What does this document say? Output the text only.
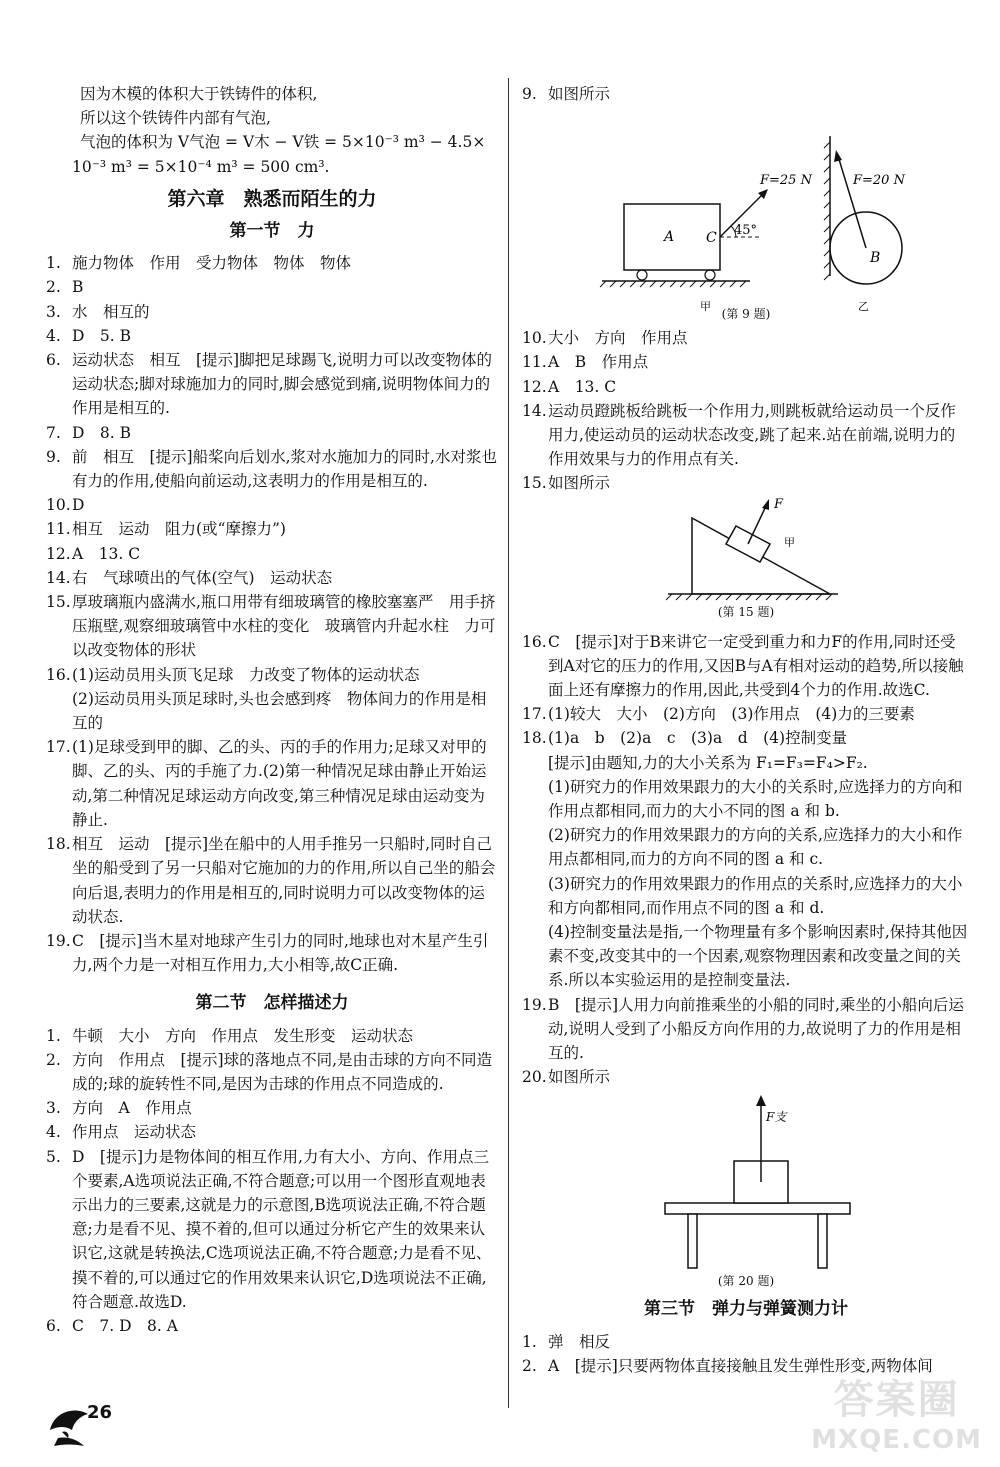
因为木模的体积大于铁铸件的体积,

所以这个铁铸件内部有气泡,

气泡的体积为 V气泡 = V木 − V铁 = 5×10⁻³ m³ − 4.5×

10⁻³ m³ = 5×10⁻⁴ m³ = 500 cm³.

第六章　熟悉而陌生的力
第一节　力

1. 施力物体　作用　受力物体　物体　物体

2. B

3. 水　相互的

4. D　5. B

6. 运动状态　相互　[提示]脚把足球踢飞,说明力可以改变物体的运动状态;脚对球施加力的同时,脚会感觉到痛,说明物体间力的作用是相互的.

7. D　8. B

9. 前　相互　[提示]船桨向后划水,浆对水施加力的同时,水对浆也有力的作用,使船向前运动,这表明力的作用是相互的.

10. D

11. 相互　运动　阻力(或“摩擦力”)

12. A　13. C

14. 右　气球喷出的气体(空气)　运动状态

15. 厚玻璃瓶内盛满水,瓶口用带有细玻璃管的橡胶塞塞严　用手挤压瓶壁,观察细玻璃管中水柱的变化　玻璃管内升起水柱　力可以改变物体的形状

16. (1)运动员用头顶飞足球　力改变了物体的运动状态

(2)运动员用头顶足球时,头也会感到疼　物体间力的作用是相互的

17. (1)足球受到甲的脚、乙的头、丙的手的作用力;足球又对甲的脚、乙的头、丙的手施了力.(2)第一种情况足球由静止开始运动,第二种情况足球运动方向改变,第三种情况足球由运动变为静止.

18. 相互　运动　[提示]坐在船中的人用手推另一只船时,同时自己坐的船受到了另一只船对它施加的力的作用,所以自己坐的船会向后退,表明力的作用是相互的,同时说明力可以改变物体的运动状态.

19. C　[提示]当木星对地球产生引力的同时,地球也对木星产生引力,两个力是一对相互作用力,大小相等,故C正确.

第二节　怎样描述力

1. 牛顿　大小　方向　作用点　发生形变　运动状态

2. 方向　作用点　[提示]球的落地点不同,是由击球的方向不同造成的;球的旋转性不同,是因为击球的作用点不同造成的.

3. 方向　A　作用点

4. 作用点　运动状态

5. D　[提示]力是物体间的相互作用,力有大小、方向、作用点三个要素,A选项说法正确,不符合题意;可以用一个图形直观地表示出力的三要素,这就是力的示意图,B选项说法正确,不符合题意;力是看不见、摸不着的,但可以通过分析它产生的效果来认识它,这就是转换法,C选项说法正确,不符合题意;力是看不见、摸不着的,可以通过它的作用效果来认识它,D选项说法不正确,符合题意.故选D.

6. C　7. D　8. A

9. 如图所示

A C 45°
F=25 N
甲
F=20 N
B
乙
(第 9 题)

10. 大小　方向　作用点

11. A　B　作用点

12. A　13. C

14. 运动员蹬跳板给跳板一个作用力,则跳板就给运动员一个反作用力,使运动员的运动状态改变,跳了起来.站在前端,说明力的作用效果与力的作用点有关.

15. 如图所示

F
甲
(第 15 题)

16. C　[提示]对于B来讲它一定受到重力和力F的作用,同时还受到A对它的压力的作用,又因B与A有相对运动的趋势,所以接触面上还有摩擦力的作用,因此,共受到4个力的作用.故选C.

17. (1)较大　大小　(2)方向　(3)作用点　(4)力的三要素

18. (1)a　b　(2)a　c　(3)a　d　(4)控制变量

[提示]由题知,力的大小关系为 F₁=F₃=F₄>F₂.

(1)研究力的作用效果跟力的大小的关系时,应选择力的方向和作用点都相同,而力的大小不同的图 a 和 b.

(2)研究力的作用效果跟力的方向的关系,应选择力的大小和作用点都相同,而力的方向不同的图 a 和 c.

(3)研究力的作用效果跟力的作用点的关系时,应选择力的大小和方向都相同,而作用点不同的图 a 和 d.

(4)控制变量法是指,一个物理量有多个影响因素时,保持其他因素不变,改变其中的一个因素,观察物理因素和改变量之间的关系.所以本实验运用的是控制变量法.

19. B　[提示]人用力向前推乘坐的小船的同时,乘坐的小船向后运动,说明人受到了小船反方向作用的力,故说明了力的作用是相互的.

20. 如图所示

F支
(第 20 题)
第三节　弹力与弹簧测力计

1. 弹　相反

2. A　[提示]只要两物体直接接触且发生弹性形变,两物体间

26	答案圈
MXQE.COM
